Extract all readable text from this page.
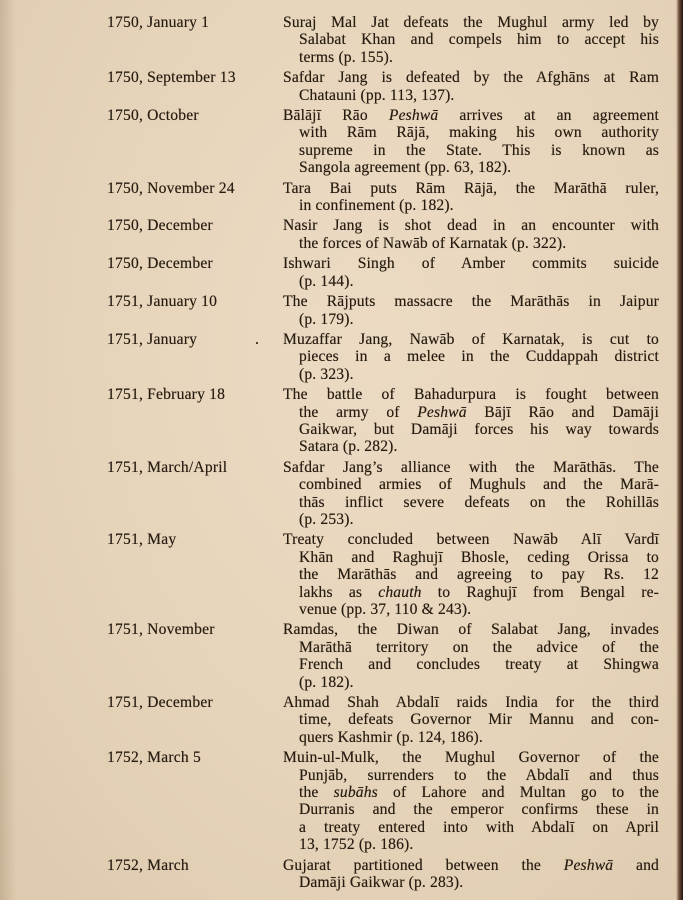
1750, January 1	Suraj Mal Jat defeats the Mughul army led by
Salabat Khan and compels him to accept his
terms (p. 155).
1750, September 13	Safdar Jang is defeated by the Afghāns at Ram
Chatauni (pp. 113, 137).
1750, October	Bālājī Rāo Peshwā arrives at an agreement
with Rām Rājā, making his own authority
supreme in the State. This is known as
Sangola agreement (pp. 63, 182).
1750, November 24	Tara Bai puts Rām Rājā, the Marāthā ruler,
in confinement (p. 182).
1750, December	Nasir Jang is shot dead in an encounter with
the forces of Nawāb of Karnatak (p. 322).
1750, December	Ishwari Singh of Amber commits suicide
(p. 144).
1751, January 10	The Rājputs massacre the Marāthās in Jaipur
(p. 179).
1751, January	. Muzaffar Jang, Nawāb of Karnatak, is cut to
pieces in a melee in the Cuddappah district
(p. 323).
1751, February 18	The battle of Bahadurpura is fought between
the army of Peshwā Bājī Rāo and Damāji
Gaikwar, but Damāji forces his way towards
Satara (p. 282).
1751, March/April	Safdar Jang’s alliance with the Marāthās. The
combined armies of Mughuls and the Marā-
thās inflict severe defeats on the Rohillās
(p. 253).
1751, May	Treaty concluded between Nawāb Alī Vardī
Khān and Raghujī Bhosle, ceding Orissa to
the Marāthās and agreeing to pay Rs. 12
lakhs as chauth to Raghujī from Bengal re-
venue (pp. 37, 110 & 243).
1751, November	Ramdas, the Diwan of Salabat Jang, invades
Marāthā territory on the advice of the
French and concludes treaty at Shingwa
(p. 182).
1751, December	Ahmad Shah Abdalī raids India for the third
time, defeats Governor Mir Mannu and con-
quers Kashmir (p. 124, 186).
1752, March 5	Muin-ul-Mulk, the Mughul Governor of the
Punjāb, surrenders to the Abdalī and thus
the subāhs of Lahore and Multan go to the
Durranis and the emperor confirms these in
a treaty entered into with Abdalī on April
13, 1752 (p. 186).
1752, March	Gujarat partitioned between the Peshwā and
Damāji Gaikwar (p. 283).
